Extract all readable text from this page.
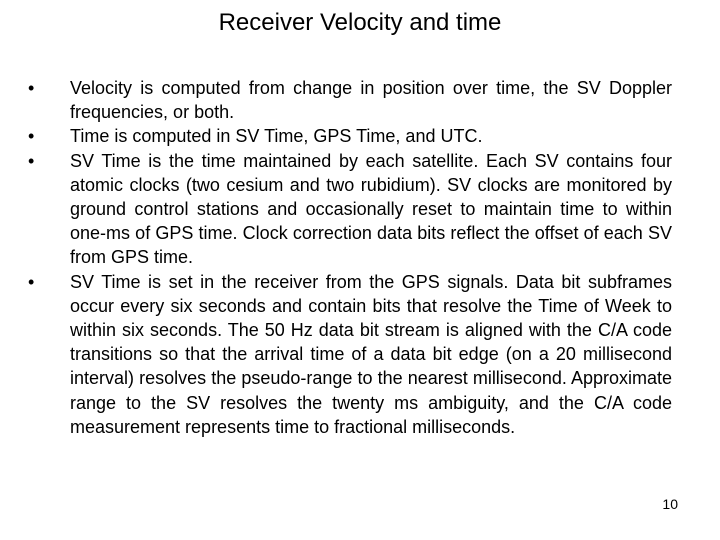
Receiver Velocity and time
•	Velocity is computed from change in position over time, the SV Doppler frequencies, or both.
•	Time is computed in SV Time, GPS Time, and UTC.
•	SV Time is the time maintained by each satellite. Each SV contains four atomic clocks (two cesium and two rubidium). SV clocks are monitored by ground control stations and occasionally reset to maintain time to within one-ms of GPS time. Clock correction data bits reflect the offset of each SV from GPS time.
•	SV Time is set in the receiver from the GPS signals. Data bit subframes occur every six seconds and contain bits that resolve the Time of Week to within six seconds. The 50 Hz data bit stream is aligned with the C/A code transitions so that the arrival time of a data bit edge (on a 20 millisecond interval) resolves the pseudo-range to the nearest millisecond. Approximate range to the SV resolves the twenty ms ambiguity, and the C/A code measurement represents time to fractional milliseconds.
10
